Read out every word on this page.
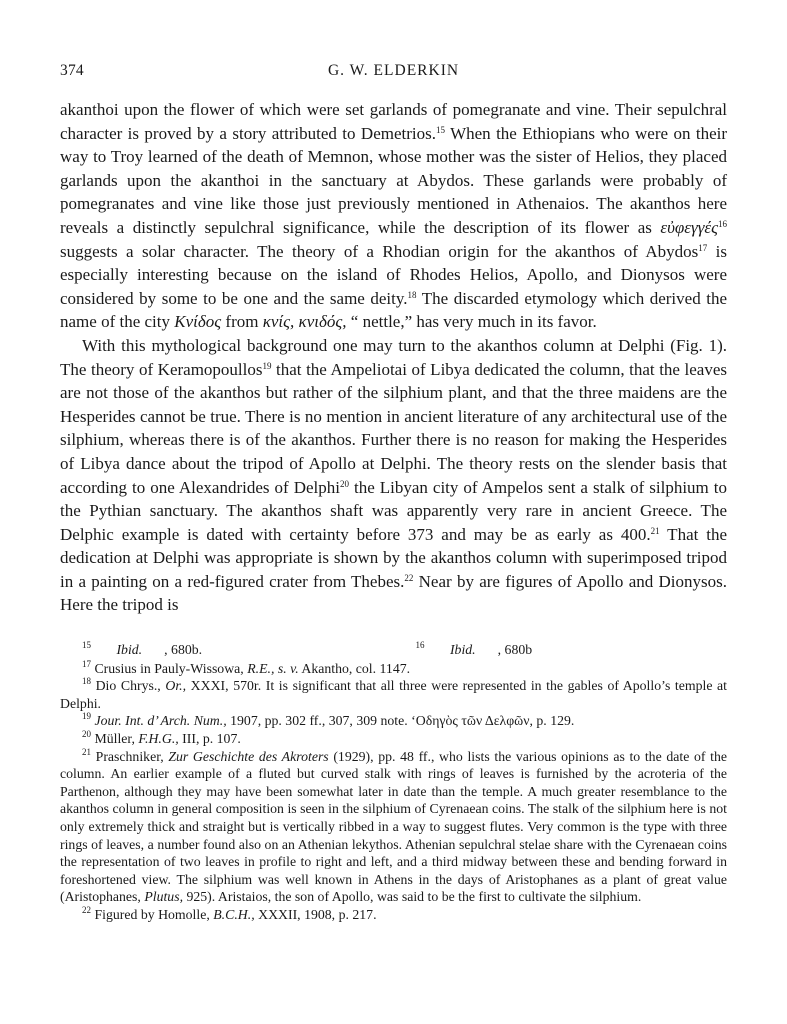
374	G. W. ELDERKIN

akanthoi upon the flower of which were set garlands of pomegranate and vine. Their sepulchral character is proved by a story attributed to Demetrios.$^{15}$ When the Ethiopians who were on their way to Troy learned of the death of Memnon, whose mother was the sister of Helios, they placed garlands upon the akanthoi in the sanctuary at Abydos. These garlands were probably of pomegranates and vine like those just previously mentioned in Athenaios. The akanthos here reveals a distinctly sepulchral significance, while the description of its flower as εὐφεγγές$^{16}$ suggests a solar character. The theory of a Rhodian origin for the akanthos of Abydos$^{17}$ is especially interesting because on the island of Rhodes Helios, Apollo, and Dionysos were considered by some to be one and the same deity.$^{18}$ The discarded etymology which derived the name of the city Κνίδος from κνίς, κνιδός, “ nettle,” has very much in its favor.

With this mythological background one may turn to the akanthos column at Delphi (Fig. 1). The theory of Keramopoullos$^{19}$ that the Ampeliotai of Libya dedicated the column, that the leaves are not those of the akanthos but rather of the silphium plant, and that the three maidens are the Hesperides cannot be true. There is no mention in ancient literature of any architectural use of the silphium, whereas there is of the akanthos. Further there is no reason for making the Hesperides of Libya dance about the tripod of Apollo at Delphi. The theory rests on the slender basis that according to one Alexandrides of Delphi$^{20}$ the Libyan city of Ampelos sent a stalk of silphium to the Pythian sanctuary. The akanthos shaft was apparently very rare in ancient Greece. The Delphic example is dated with certainty before 373 and may be as early as 400.21 That the dedication at Delphi was appropriate is shown by the akanthos column with superimposed tripod in a painting on a red-figured crater from Thebes.$^{22}$ Near by are figures of Apollo and Dionysos. Here the tripod is

$^{15}$ Ibid. , 680b.	$^{16}$ Ibid. , 680b

$^{17}$ Crusius in Pauly-Wissowa, R.E., s. v. Akantho, col. 1147.

$^{18}$ Dio Chrys., Or., XXXI, 570r. It is significant that all three were represented in the gables of Apollo’s temple at Delphi.

$^{19}$ Jour. Int. d’ Arch. Num., 1907, pp. 302 ff., 307, 309 note. ‘Οδηγὸς τῶν Δελφῶν, p. 129.

$^{20}$ Müller, F.H.G., III, p. 107.

$^{21}$ Praschniker, Zur Geschichte des Akroters (1929), pp. 48 ff., who lists the various opinions as to the date of the column. An earlier example of a fluted but curved stalk with rings of leaves is furnished by the acroteria of the Parthenon, although they may have been somewhat later in date than the temple. A much greater resemblance to the akanthos column in general composition is seen in the silphium of Cyrenaean coins. The stalk of the silphium here is not only extremely thick and straight but is vertically ribbed in a way to suggest flutes. Very common is the type with three rings of leaves, a number found also on an Athenian lekythos. Athenian sepulchral stelae share with the Cyrenaean coins the representation of two leaves in profile to right and left, and a third midway between these and bending forward in foreshortened view. The silphium was well known in Athens in the days of Aristophanes as a plant of great value (Aristophanes, Plutus, 925). Aristaios, the son of Apollo, was said to be the first to cultivate the silphium.

$^{22}$ Figured by Homolle, B.C.H., XXXII, 1908, p. 217.
